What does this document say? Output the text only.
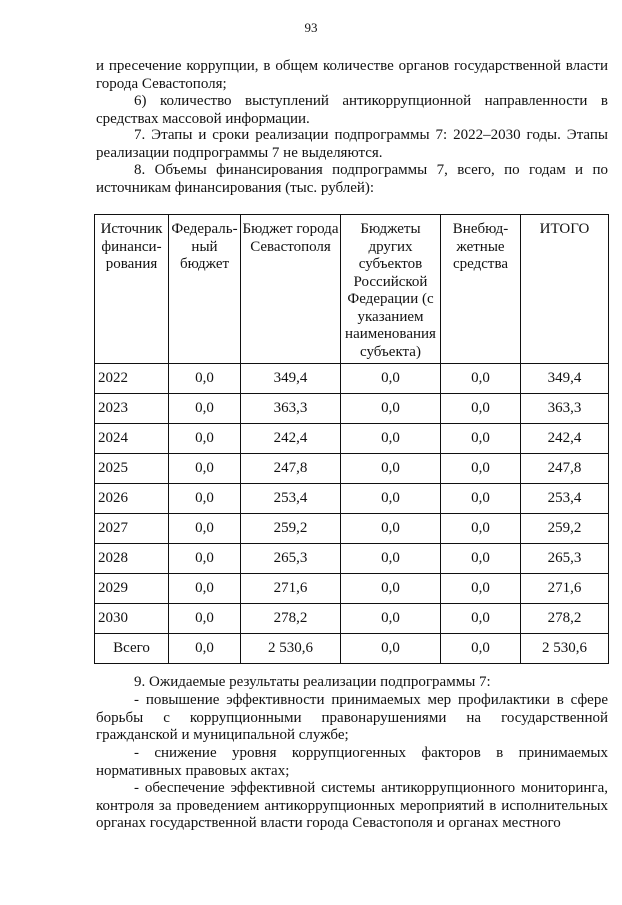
93

и пресечение коррупции, в общем количестве органов государственной власти города Севастополя;

6) количество выступлений антикоррупционной направленности в средствах массовой информации.

7. Этапы и сроки реализации подпрограммы 7: 2022–2030 годы. Этапы реализации подпрограммы 7 не выделяются.

8. Объемы финансирования подпрограммы 7, всего, по годам и по источникам финансирования (тыс. рублей):

Источник финанси-рования	Федераль-ный бюджет	Бюджет города Севастополя	Бюджеты других субъектов Российской Федерации (с указанием наименования субъекта)	Внебюд-жетные средства	ИТОГО
2022	0,0	349,4	0,0	0,0	349,4
2023	0,0	363,3	0,0	0,0	363,3
2024	0,0	242,4	0,0	0,0	242,4
2025	0,0	247,8	0,0	0,0	247,8
2026	0,0	253,4	0,0	0,0	253,4
2027	0,0	259,2	0,0	0,0	259,2
2028	0,0	265,3	0,0	0,0	265,3
2029	0,0	271,6	0,0	0,0	271,6
2030	0,0	278,2	0,0	0,0	278,2
Всего	0,0	2 530,6	0,0	0,0	2 530,6

9. Ожидаемые результаты реализации подпрограммы 7:

- повышение эффективности принимаемых мер профилактики в сфере борьбы с коррупционными правонарушениями на государственной гражданской и муниципальной службе;

- снижение уровня коррупциогенных факторов в принимаемых нормативных правовых актах;

- обеспечение эффективной системы антикоррупционного мониторинга, контроля за проведением антикоррупционных мероприятий в исполнительных органах государственной власти города Севастополя и органах местного
